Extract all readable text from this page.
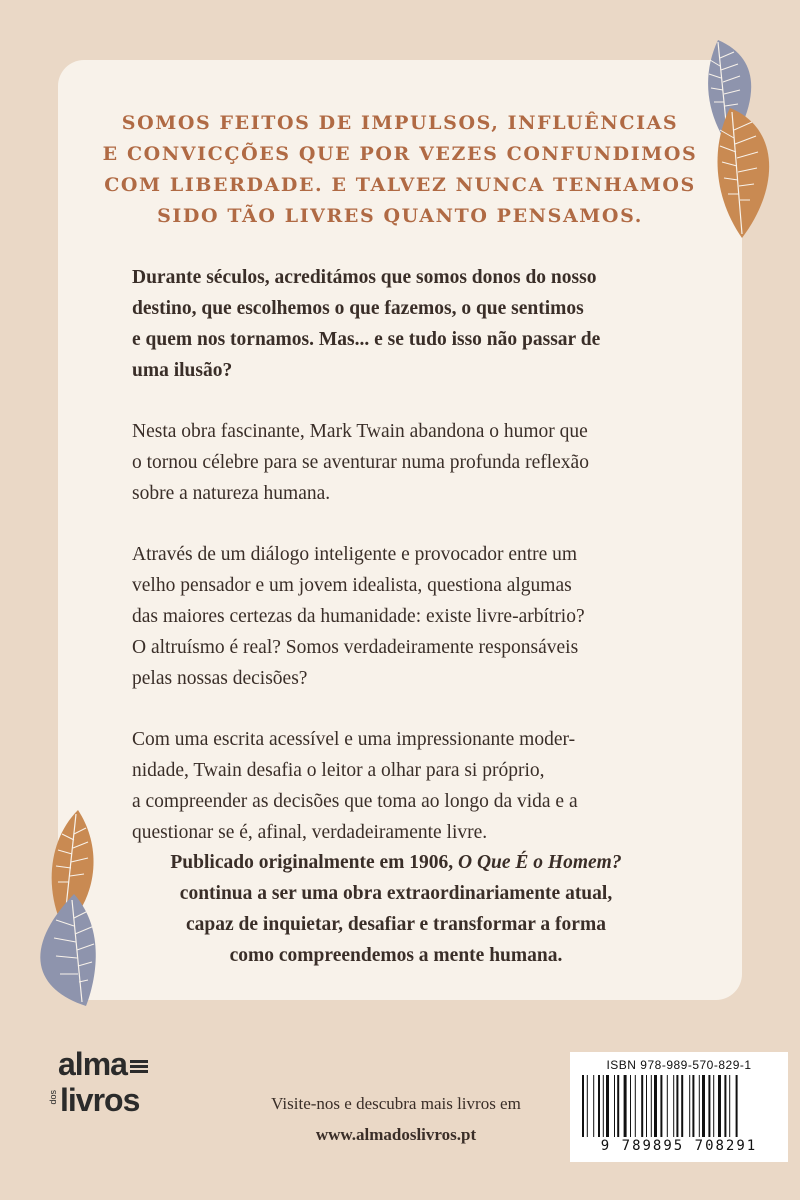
SOMOS FEITOS DE IMPULSOS, INFLUÊNCIAS
E CONVICÇÕES QUE POR VEZES CONFUNDIMOS
COM LIBERDADE. E TALVEZ NUNCA TENHAMOS
SIDO TÃO LIVRES QUANTO PENSAMOS.
Durante séculos, acreditámos que somos donos do nosso
destino, que escolhemos o que fazemos, o que sentimos
e quem nos tornamos. Mas... e se tudo isso não passar de
uma ilusão?
Nesta obra fascinante, Mark Twain abandona o humor que
o tornou célebre para se aventurar numa profunda reflexão
sobre a natureza humana.
Através de um diálogo inteligente e provocador entre um
velho pensador e um jovem idealista, questiona algumas
das maiores certezas da humanidade: existe livre-arbítrio?
O altruísmo é real? Somos verdadeiramente responsáveis
pelas nossas decisões?
Com uma escrita acessível e uma impressionante moder-
nidade, Twain desafia o leitor a olhar para si próprio,
a compreender as decisões que toma ao longo da vida e a
questionar se é, afinal, verdadeiramente livre.
Publicado originalmente em 1906, O Que É o Homem?
continua a ser uma obra extraordinariamente atual,
capaz de inquietar, desafiar e transformar a forma
como compreendemos a mente humana.
alma
dos livros	Visite-nos e descubra mais livros em
www.almadoslivros.pt
ISBN 978-989-570-829-1
9 789895 708291
